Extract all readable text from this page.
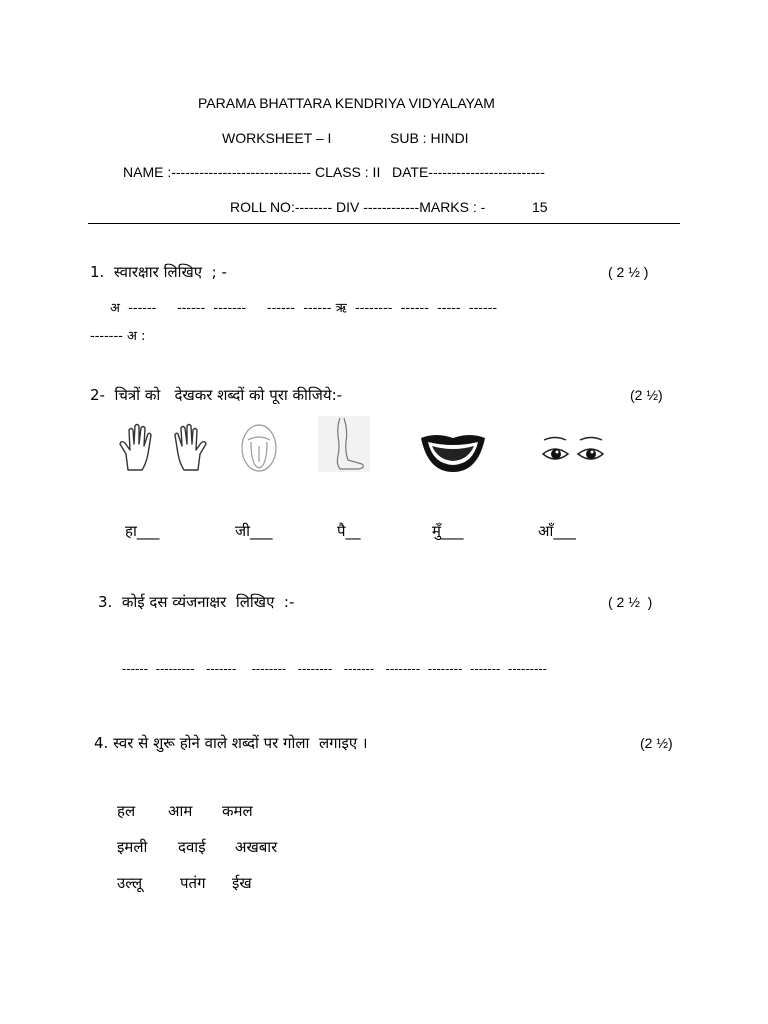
PARAMA BHATTARA KENDRIYA VIDYALAYAM
WORKSHEET – I	SUB : HINDI
NAME :------------------------------ CLASS : II   DATE-------------------------
ROLL NO:-------- DIV ------------MARKS : -	15
1.  स्वारक्षार लिखिए  ; -	( 2 ½ )
अ  ------     ------  -------     ------  ------ ऋ  --------  ------  -----  ------
------- अ :
2-  चित्रों को   देखकर शब्दों को पूरा कीजिये:-	(2 ½)
हा___	जी___	पै__	मुँ___	आँ___
3.  कोई दस व्यंजनाक्षर  लिखिए  :-	( 2 ½  )
------  ---------   -------    --------   --------   -------   --------  --------  -------  ---------
4. स्वर से शुरू होने वाले शब्दों पर गोला  लगाइए ।	(2 ½)
हल आम कमल
इमली दवाई अखबार
उल्लू	पतंग ईख
